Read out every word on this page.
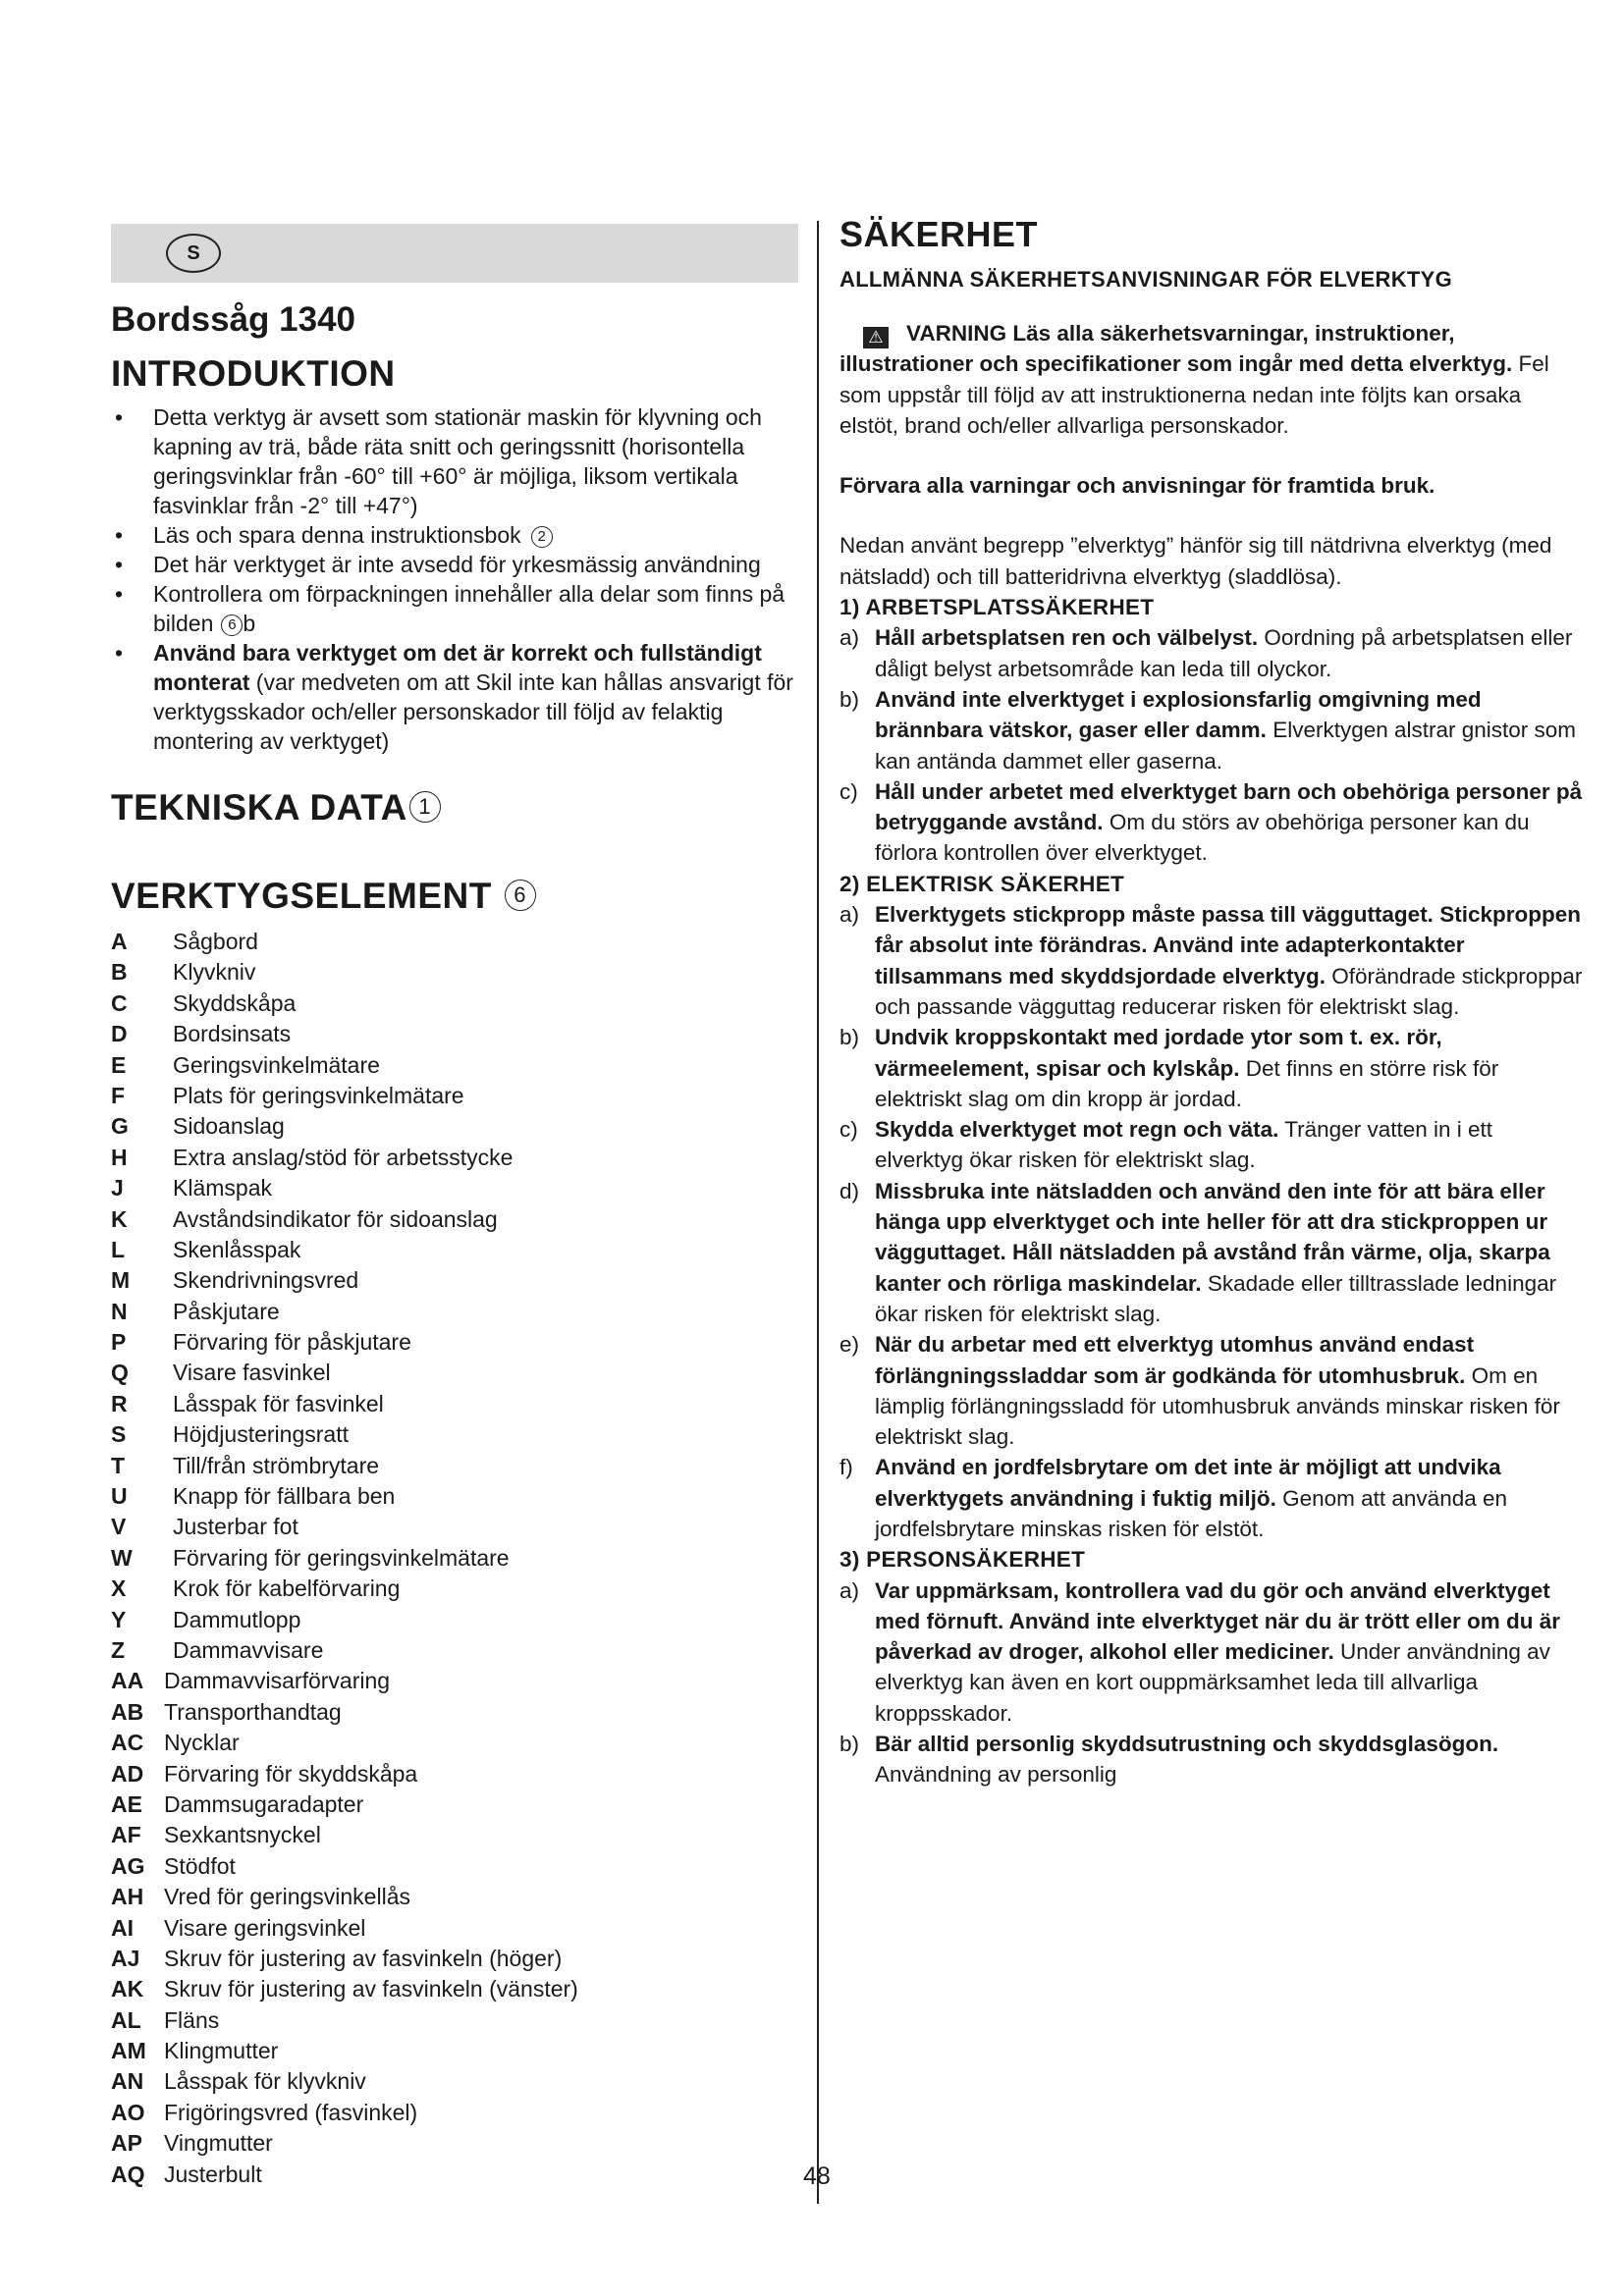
S
Bordssåg 1340
INTRODUKTION
• Detta verktyg är avsett som stationär maskin för klyvning och kapning av trä, både räta snitt och geringssnitt (horisontella geringsvinklar från -60° till +60° är möjliga, liksom vertikala fasvinklar från -2° till +47°)
• Läs och spara denna instruktionsbok 2
• Det här verktyget är inte avsedd för yrkesmässig användning
• Kontrollera om förpackningen innehåller alla delar som finns på bilden 6 b
• Använd bara verktyget om det är korrekt och fullständigt monterat (var medveten om att Skil inte kan hållas ansvarigt för verktygsskador och/eller personskador till följd av felaktig montering av verktyget)
TEKNISKA DATA 1
VERKTYGSELEMENT 6
A	Sågbord
B	Klyvkniv
C	Skyddskåpa
D	Bordsinsats
E	Geringsvinkelmätare
F	Plats för geringsvinkelmätare
G	Sidoanslag
H	Extra anslag/stöd för arbetsstycke
J	Klämspak
K	Avståndsindikator för sidoanslag
L	Skenlåsspak
M	Skendrivningsvred
N	Påskjutare
P	Förvaring för påskjutare
Q	Visare fasvinkel
R	Låsspak för fasvinkel
S	Höjdjusteringsratt
T	Till/från strömbrytare
U	Knapp för fällbara ben
V	Justerbar fot
W	Förvaring för geringsvinkelmätare
X	Krok för kabelförvaring
Y	Dammutlopp
Z	Dammavvisare
AA Dammavvisarförvaring
AB Transporthandtag
AC Nycklar
AD Förvaring för skyddskåpa
AE Dammsugaradapter
AF	Sexkantsnyckel
AG Stödfot
AH Vred för geringsvinkellås
AI	Visare geringsvinkel
AJ	Skruv för justering av fasvinkeln (höger)
AK Skruv för justering av fasvinkeln (vänster)
AL	Fläns
AM Klingmutter
AN Låsspak för klyvkniv
AO Frigöringsvred (fasvinkel)
AP Vingmutter
AQ Justerbult
SÄKERHET
ALLMÄNNA SÄKERHETSANVISNINGAR FÖR ELVERKTYG
⚠ VARNING Läs alla säkerhetsvarningar, instruktioner, illustrationer och specifikationer som ingår med detta elverktyg. Fel som uppstår till följd av att instruktionerna nedan inte följts kan orsaka elstöt, brand och/eller allvarliga personskador.
Förvara alla varningar och anvisningar för framtida bruk.
Nedan använt begrepp ”elverktyg” hänför sig till nätdrivna elverktyg (med nätsladd) och till batteridrivna elverktyg (sladdlösa).
1) ARBETSPLATSSÄKERHET
a) Håll arbetsplatsen ren och välbelyst. Oordning på arbetsplatsen eller dåligt belyst arbetsområde kan leda till olyckor.
b) Använd inte elverktyget i explosionsfarlig omgivning med brännbara vätskor, gaser eller damm. Elverktygen alstrar gnistor som kan antända dammet eller gaserna.
c) Håll under arbetet med elverktyget barn och obehöriga personer på betryggande avstånd. Om du störs av obehöriga personer kan du förlora kontrollen över elverktyget.
2) ELEKTRISK SÄKERHET
a) Elverktygets stickpropp måste passa till vägguttaget. Stickproppen får absolut inte förändras. Använd inte adapterkontakter tillsammans med skyddsjordade elverktyg. Oförändrade stickproppar och passande vägguttag reducerar risken för elektriskt slag.
b) Undvik kroppskontakt med jordade ytor som t. ex. rör, värmeelement, spisar och kylskåp. Det finns en större risk för elektriskt slag om din kropp är jordad.
c) Skydda elverktyget mot regn och väta. Tränger vatten in i ett elverktyg ökar risken för elektriskt slag.
d) Missbruka inte nätsladden och använd den inte för att bära eller hänga upp elverktyget och inte heller för att dra stickproppen ur vägguttaget. Håll nätsladden på avstånd från värme, olja, skarpa kanter och rörliga maskindelar. Skadade eller tilltrasslade ledningar ökar risken för elektriskt slag.
e) När du arbetar med ett elverktyg utomhus använd endast förlängningssladdar som är godkända för utomhusbruk. Om en lämplig förlängningssladd för utomhusbruk används minskar risken för elektriskt slag.
f) Använd en jordfelsbrytare om det inte är möjligt att undvika elverktygets användning i fuktig miljö. Genom att använda en jordfelsbrytare minskas risken för elstöt.
3) PERSONSÄKERHET
a) Var uppmärksam, kontrollera vad du gör och använd elverktyget med förnuft. Använd inte elverktyget när du är trött eller om du är påverkad av droger, alkohol eller mediciner. Under användning av elverktyg kan även en kort ouppmärksamhet leda till allvarliga kroppsskador.
b) Bär alltid personlig skyddsutrustning och skyddsglasögon. Användning av personlig
48
